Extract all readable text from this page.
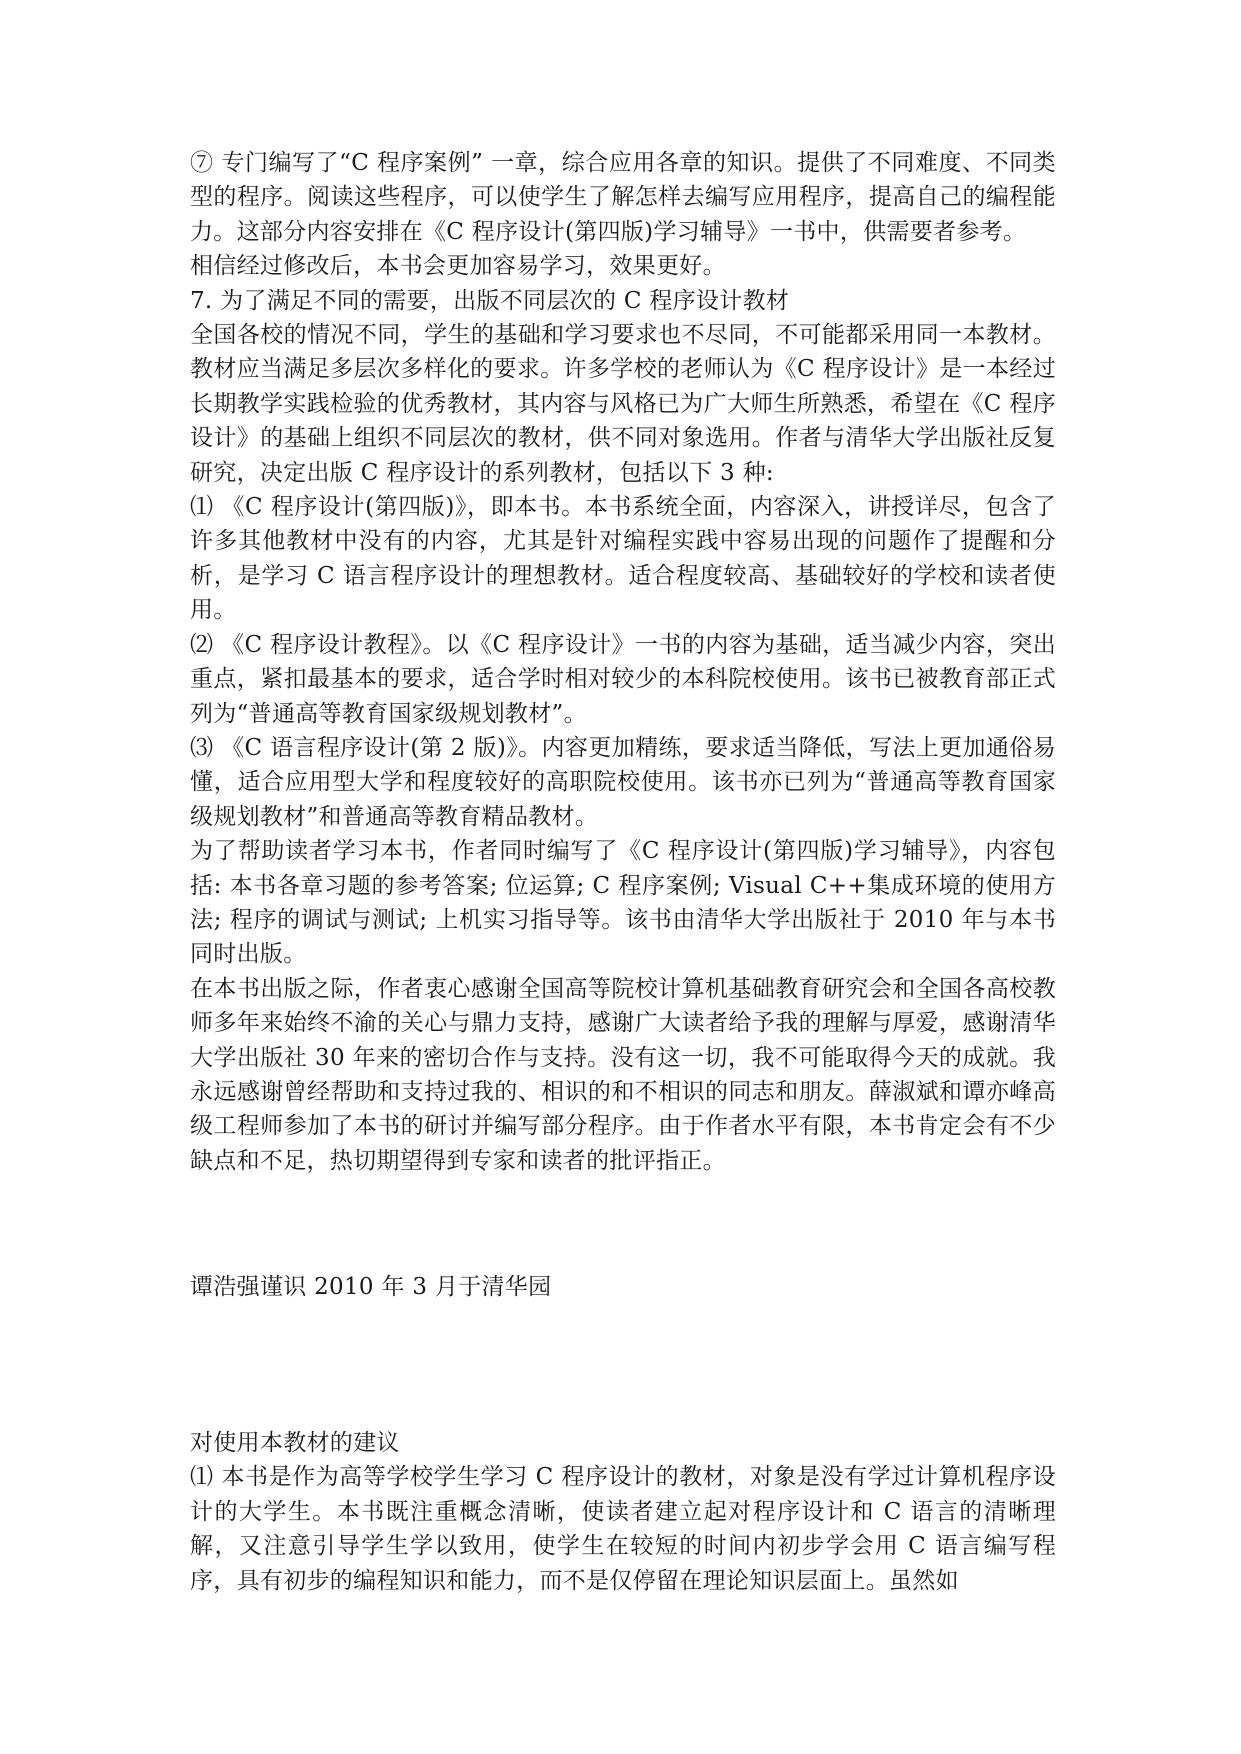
⑦ 专门编写了“C 程序案例” 一章，综合应用各章的知识。提供了不同难度、不同类型的程序。阅读这些程序，可以使学生了解怎样去编写应用程序，提高自己的编程能力。这部分内容安排在《C 程序设计(第四版)学习辅导》一书中，供需要者参考。

相信经过修改后，本书会更加容易学习，效果更好。

7. 为了满足不同的需要，出版不同层次的 C 程序设计教材

全国各校的情况不同，学生的基础和学习要求也不尽同，不可能都采用同一本教材。教材应当满足多层次多样化的要求。许多学校的老师认为《C 程序设计》是一本经过长期教学实践检验的优秀教材，其内容与风格已为广大师生所熟悉，希望在《C 程序设计》的基础上组织不同层次的教材，供不同对象选用。作者与清华大学出版社反复研究，决定出版 C 程序设计的系列教材，包括以下 3 种:

⑴ 《C 程序设计(第四版)》，即本书。本书系统全面，内容深入，讲授详尽，包含了许多其他教材中没有的内容，尤其是针对编程实践中容易出现的问题作了提醒和分析，是学习 C 语言程序设计的理想教材。适合程度较高、基础较好的学校和读者使用。

⑵ 《C 程序设计教程》。以《C 程序设计》一书的内容为基础，适当减少内容，突出重点，紧扣最基本的要求，适合学时相对较少的本科院校使用。该书已被教育部正式列为“普通高等教育国家级规划教材”。

⑶ 《C 语言程序设计(第 2 版)》。内容更加精练，要求适当降低，写法上更加通俗易懂，适合应用型大学和程度较好的高职院校使用。该书亦已列为“普通高等教育国家级规划教材”和普通高等教育精品教材。

为了帮助读者学习本书，作者同时编写了《C 程序设计(第四版)学习辅导》，内容包括: 本书各章习题的参考答案; 位运算; C 程序案例; Visual C++集成环境的使用方法; 程序的调试与测试; 上机实习指导等。该书由清华大学出版社于 2010 年与本书同时出版。

在本书出版之际，作者衷心感谢全国高等院校计算机基础教育研究会和全国各高校教师多年来始终不渝的关心与鼎力支持，感谢广大读者给予我的理解与厚爱，感谢清华大学出版社 30 年来的密切合作与支持。没有这一切，我不可能取得今天的成就。我永远感谢曾经帮助和支持过我的、相识的和不相识的同志和朋友。薛淑斌和谭亦峰高级工程师参加了本书的研讨并编写部分程序。由于作者水平有限，本书肯定会有不少缺点和不足，热切期望得到专家和读者的批评指正。

谭浩强谨识 2010 年 3 月于清华园

对使用本教材的建议

⑴ 本书是作为高等学校学生学习 C 程序设计的教材，对象是没有学过计算机程序设计的大学生。本书既注重概念清晰，使读者建立起对程序设计和 C 语言的清晰理解，又注意引导学生学以致用，使学生在较短的时间内初步学会用 C 语言编写程序，具有初步的编程知识和能力，而不是仅停留在理论知识层面上。虽然如
